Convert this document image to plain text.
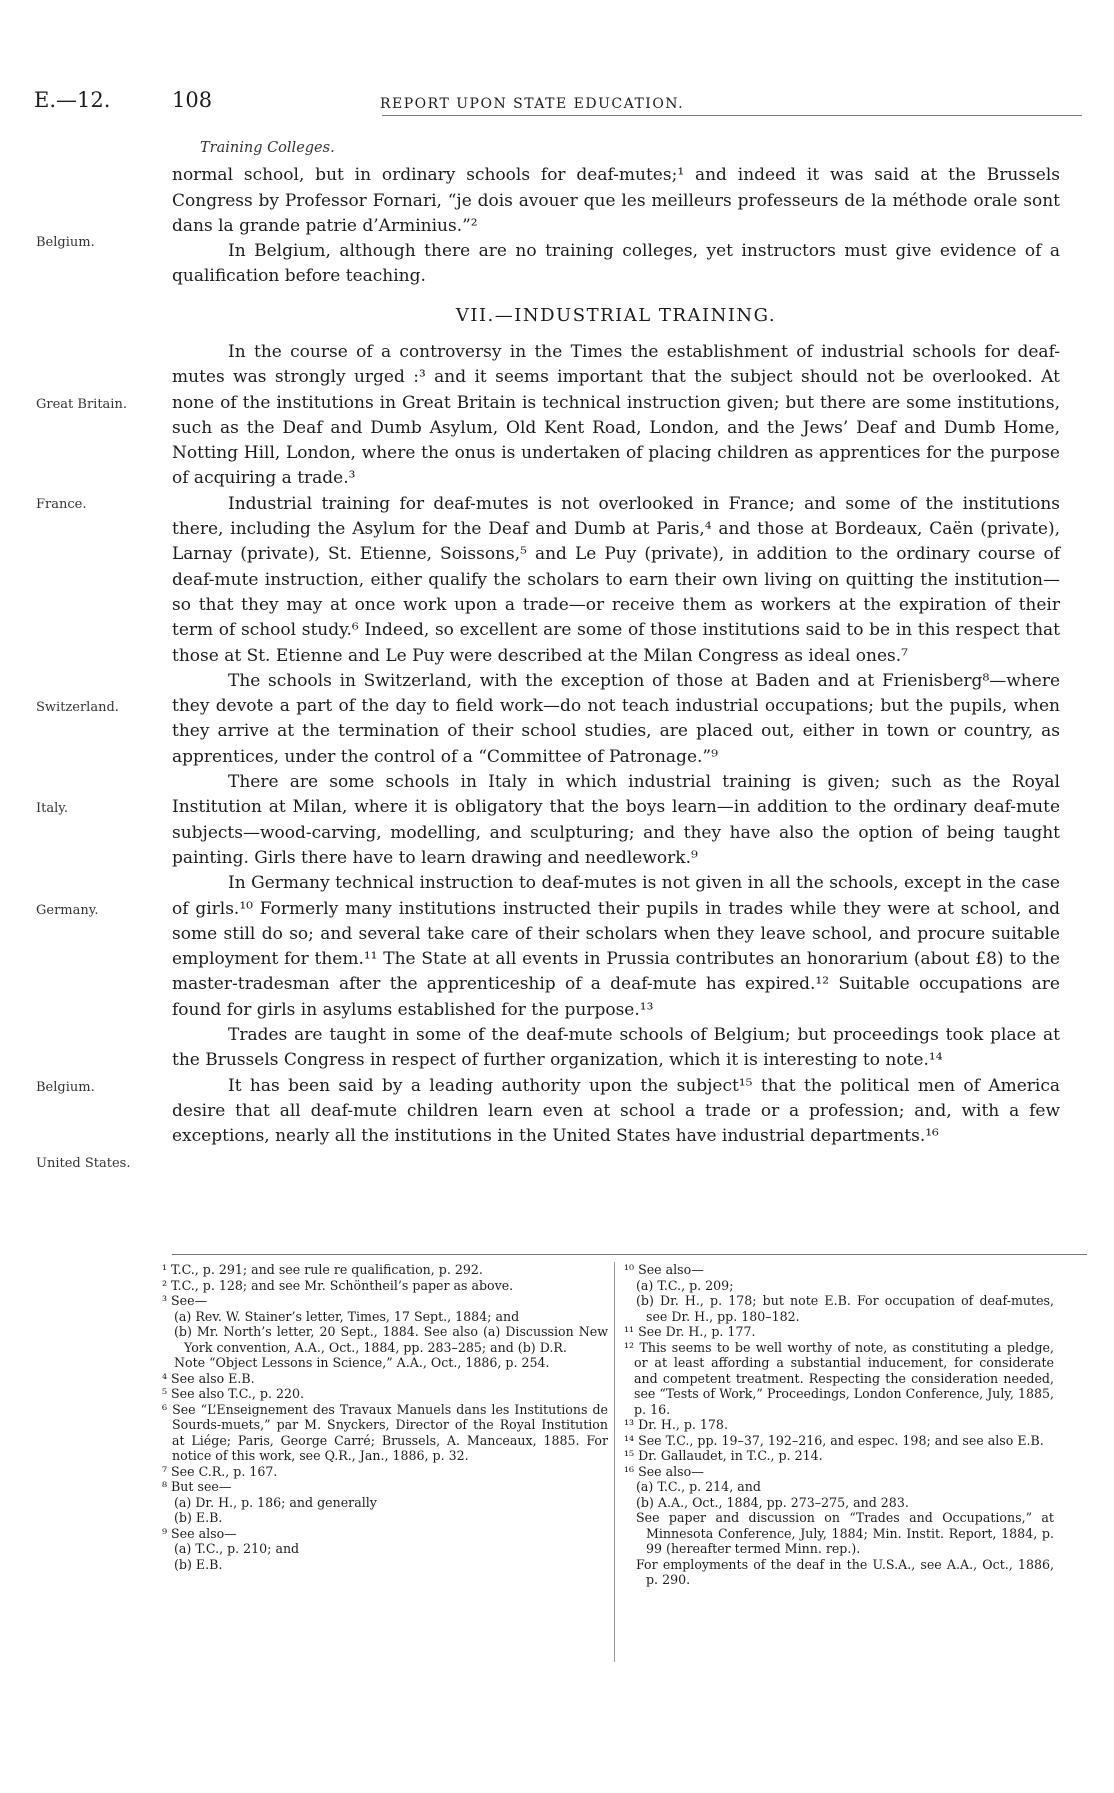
E.—12.	108	REPORT UPON STATE EDUCATION.
Training Colleges.

normal school, but in ordinary schools for deaf-mutes;¹ and indeed it was said at the Brussels Congress by Professor Fornari, “je dois avouer que les meilleurs professeurs de la méthode orale sont dans la grande patrie d’Arminius.”²

In Belgium, although there are no training colleges, yet instructors must give evidence of a qualification before teaching.

Belgium.
VII.—INDUSTRIAL TRAINING.

In the course of a controversy in the Times the establishment of industrial schools for deaf-mutes was strongly urged :³ and it seems important that the subject should not be overlooked. At none of the institutions in Great Britain is technical instruction given; but there are some institutions, such as the Deaf and Dumb Asylum, Old Kent Road, London, and the Jews’ Deaf and Dumb Home, Notting Hill, London, where the onus is undertaken of placing children as apprentices for the purpose of acquiring a trade.³

Industrial training for deaf-mutes is not overlooked in France; and some of the institutions there, including the Asylum for the Deaf and Dumb at Paris,⁴ and those at Bordeaux, Caën (private), Larnay (private), St. Etienne, Soissons,⁵ and Le Puy (private), in addition to the ordinary course of deaf-mute instruction, either qualify the scholars to earn their own living on quitting the institution—so that they may at once work upon a trade—or receive them as workers at the expiration of their term of school study.⁶ Indeed, so excellent are some of those institutions said to be in this respect that those at St. Etienne and Le Puy were described at the Milan Congress as ideal ones.⁷

The schools in Switzerland, with the exception of those at Baden and at Frienisberg⁸—where they devote a part of the day to field work—do not teach industrial occupations; but the pupils, when they arrive at the termination of their school studies, are placed out, either in town or country, as apprentices, under the control of a “Committee of Patronage.”⁹

There are some schools in Italy in which industrial training is given; such as the Royal Institution at Milan, where it is obligatory that the boys learn—in addition to the ordinary deaf-mute subjects—wood-carving, modelling, and sculpturing; and they have also the option of being taught painting. Girls there have to learn drawing and needlework.⁹

In Germany technical instruction to deaf-mutes is not given in all the schools, except in the case of girls.¹⁰ Formerly many institutions instructed their pupils in trades while they were at school, and some still do so; and several take care of their scholars when they leave school, and procure suitable employment for them.¹¹ The State at all events in Prussia contributes an honorarium (about £8) to the master-tradesman after the apprenticeship of a deaf-mute has expired.¹² Suitable occupations are found for girls in asylums established for the purpose.¹³

Trades are taught in some of the deaf-mute schools of Belgium; but proceedings took place at the Brussels Congress in respect of further organization, which it is interesting to note.¹⁴

It has been said by a leading authority upon the subject¹⁵ that the political men of America desire that all deaf-mute children learn even at school a trade or a profession; and, with a few exceptions, nearly all the institutions in the United States have industrial departments.¹⁶

Great Britain.
France.
Switzerland.
Italy.
Germany.
Belgium.
United States.

¹ T.C., p. 291; and see rule re qualification, p. 292.

² T.C., p. 128; and see Mr. Schöntheil’s paper as above.

³ See—

(a) Rev. W. Stainer’s letter, Times, 17 Sept., 1884; and

(b) Mr. North’s letter, 20 Sept., 1884. See also (a) Discussion New York convention, A.A., Oct., 1884, pp. 283–285; and (b) D.R.

Note “Object Lessons in Science,” A.A., Oct., 1886, p. 254.

⁴ See also E.B.

⁵ See also T.C., p. 220.

⁶ See “L’Enseignement des Travaux Manuels dans les Institutions de Sourds-muets,” par M. Snyckers, Director of the Royal Institution at Liége; Paris, George Carré; Brussels, A. Manceaux, 1885. For notice of this work, see Q.R., Jan., 1886, p. 32.

⁷ See C.R., p. 167.

⁸ But see—

(a) Dr. H., p. 186; and generally

(b) E.B.

⁹ See also—

(a) T.C., p. 210; and

(b) E.B.

¹⁰ See also—

(a) T.C., p. 209;

(b) Dr. H., p. 178; but note E.B. For occupation of deaf-mutes, see Dr. H., pp. 180–182.

¹¹ See Dr. H., p. 177.

¹² This seems to be well worthy of note, as constituting a pledge, or at least affording a substantial inducement, for considerate and competent treatment. Respecting the consideration needed, see “Tests of Work,” Proceedings, London Conference, July, 1885, p. 16.

¹³ Dr. H., p. 178.

¹⁴ See T.C., pp. 19–37, 192–216, and espec. 198; and see also E.B.

¹⁵ Dr. Gallaudet, in T.C., p. 214.

¹⁶ See also—

(a) T.C., p. 214, and

(b) A.A., Oct., 1884, pp. 273–275, and 283.

See paper and discussion on “Trades and Occupations,” at Minnesota Conference, July, 1884; Min. Instit. Report, 1884, p. 99 (hereafter termed Minn. rep.).

For employments of the deaf in the U.S.A., see A.A., Oct., 1886, p. 290.
